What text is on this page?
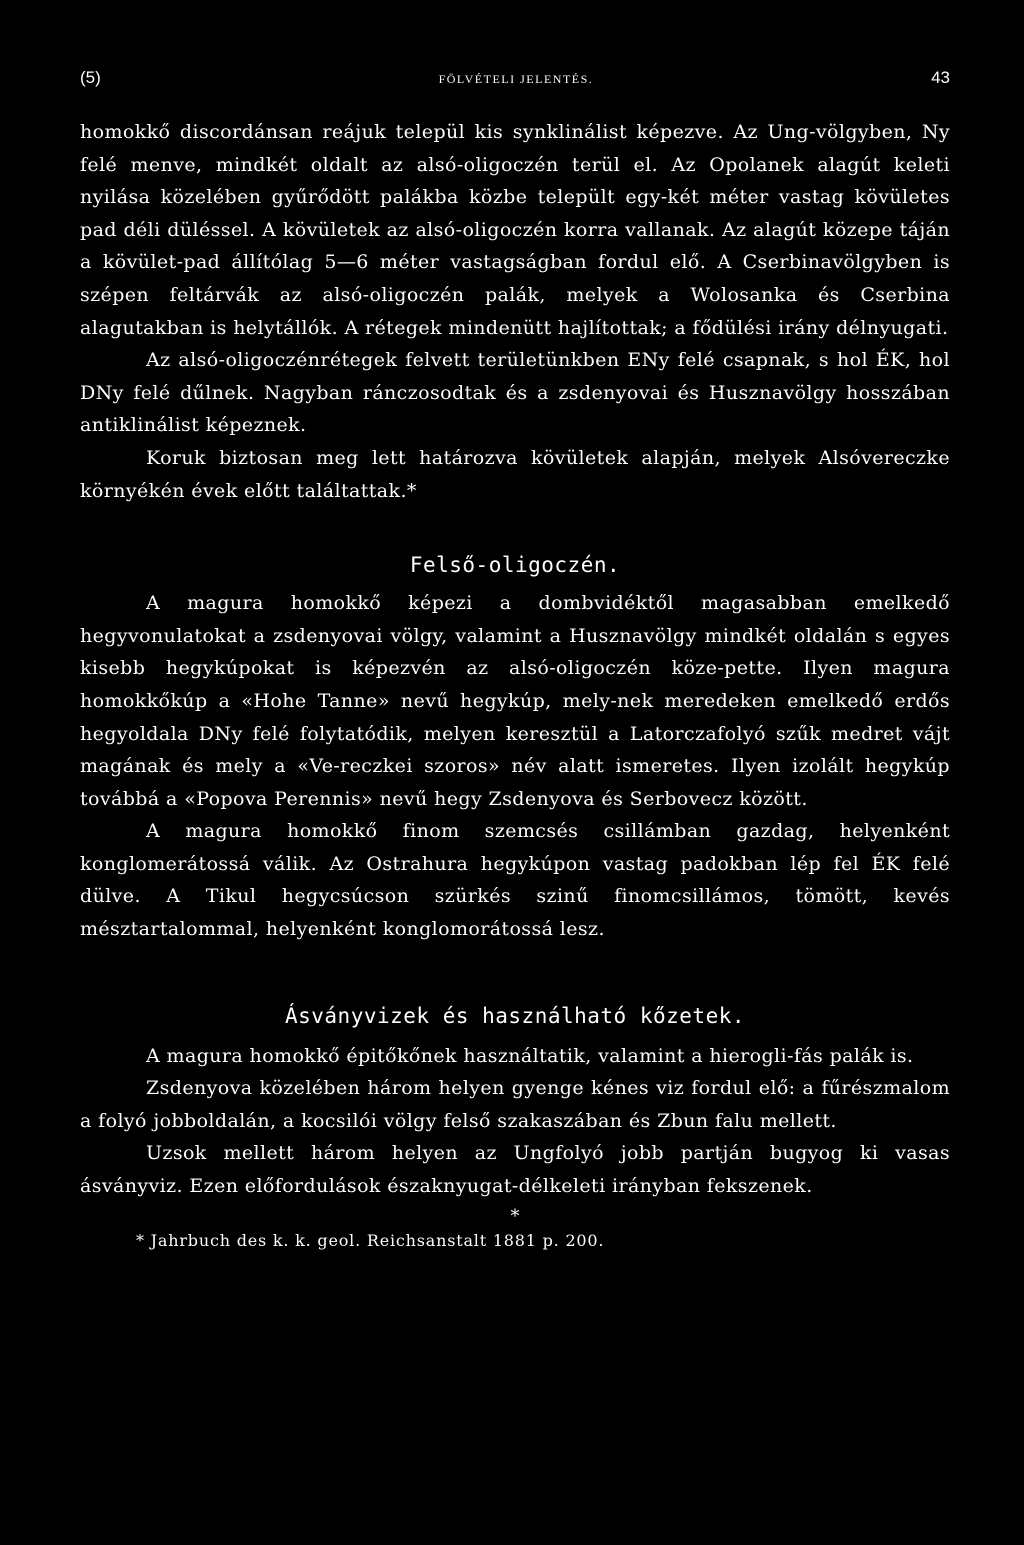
(5)	FÖLVÉTELI JELENTÉS.	43

homokkő discordánsan reájuk települ kis synklinálist képezve. Az Ung-völgyben, Ny felé menve, mindkét oldalt az alsó-oligoczén terül el. Az Opolanek alagút keleti nyilása közelében gyűrődött palákba közbe települt egy-két méter vastag kövületes pad déli düléssel. A kövületek az alsó-oligoczén korra vallanak. Az alagút közepe táján a kövület-pad állítólag 5—6 méter vastagságban fordul elő. A Cserbinavölgyben is szépen feltárvák az alsó-oligoczén palák, melyek a Wolosanka és Cserbina alagutakban is helytállók. A rétegek mindenütt hajlítottak; a fődülési irány délnyugati.

Az alsó-oligoczénrétegek felvett területünkben ENy felé csapnak, s hol ÉK, hol DNy felé dűlnek. Nagyban ránczosodtak és a zsdenyovai és Husznavölgy hosszában antiklinálist képeznek.

Koruk biztosan meg lett határozva kövületek alapján, melyek Alsóvereczke környékén évek előtt találtattak.*

Felső-oligoczén.

A magura homokkő képezi a dombvidéktől magasabban emelkedő hegyvonulatokat a zsdenyovai völgy, valamint a Husznavölgy mindkét oldalán s egyes kisebb hegykúpokat is képezvén az alsó-oligoczén köze-pette. Ilyen magura homokkőkúp a «Hohe Tanne» nevű hegykúp, mely-nek meredeken emelkedő erdős hegyoldala DNy felé folytatódik, melyen keresztül a Latorczafolyó szűk medret vájt magának és mely a «Ve-reczkei szoros» név alatt ismeretes. Ilyen izolált hegykúp továbbá a «Popova Perennis» nevű hegy Zsdenyova és Serbovecz között.

A magura homokkő finom szemcsés csillámban gazdag, helyenként konglomerátossá válik. Az Ostrahura hegykúpon vastag padokban lép fel ÉK felé dülve. A Tikul hegycsúcson szürkés szinű finomcsillámos, tömött, kevés mésztartalommal, helyenként konglomorátossá lesz.

Ásványvizek és használható kőzetek.

A magura homokkő épitőkőnek használtatik, valamint a hierogli-fás palák is.

Zsdenyova közelében három helyen gyenge kénes viz fordul elő: a fűrészmalom a folyó jobboldalán, a kocsilói völgy felső szakaszában és Zbun falu mellett.

Uzsok mellett három helyen az Ungfolyó jobb partján bugyog ki vasas ásványviz. Ezen előfordulások északnyugat-délkeleti irányban fekszenek.

*
* Jahrbuch des k. k. geol. Reichsanstalt 1881 p. 200.
